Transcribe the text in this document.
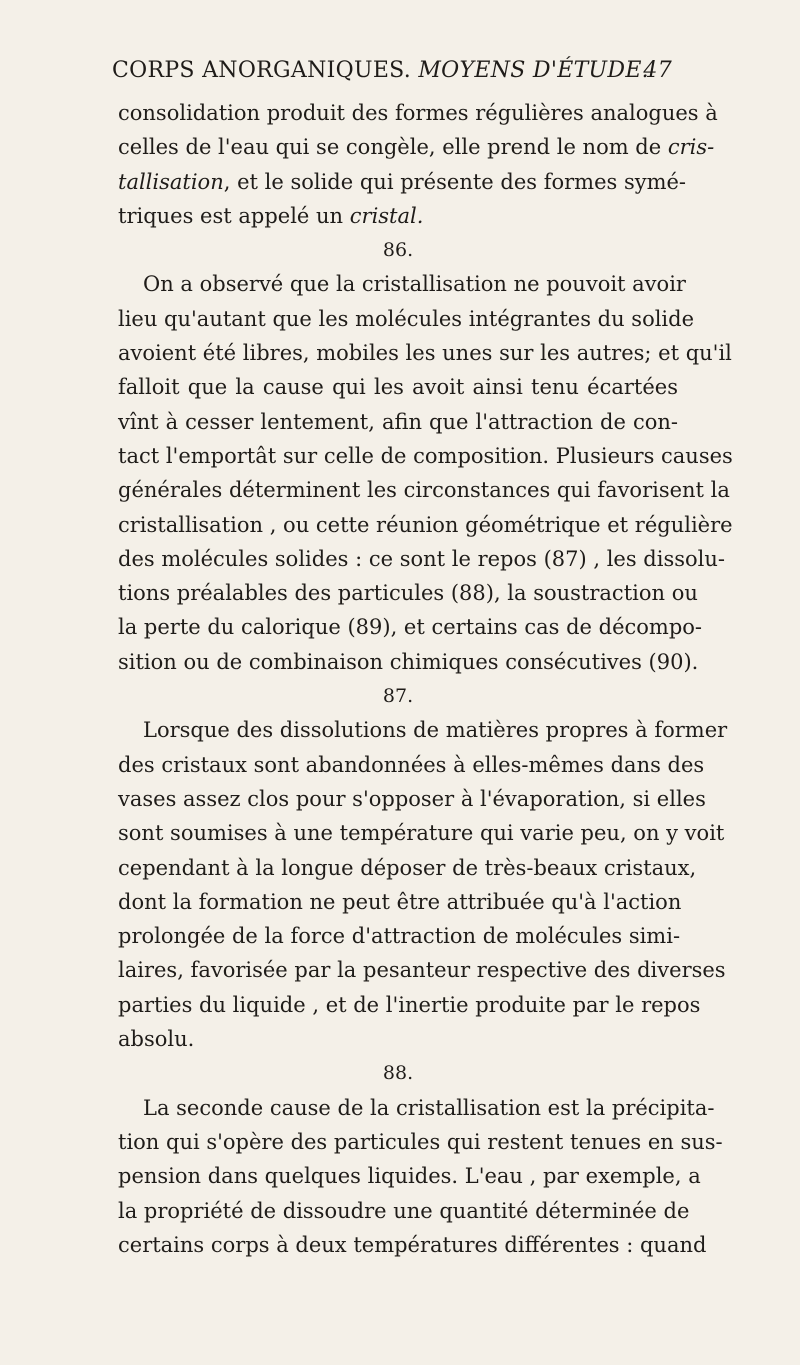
CORPS ANORGANIQUES. MOYENS D'ÉTUDE.
47
consolidation produit des formes régulières analogues à
celles de l'eau qui se congèle, elle prend le nom de cris-
tallisation, et le solide qui présente des formes symé-
triques est appelé un cristal.
86.
On a observé que la cristallisation ne pouvoit avoir
lieu qu'autant que les molécules intégrantes du solide
avoient été libres, mobiles les unes sur les autres; et qu'il
falloit que la cause qui les avoit ainsi tenu écartées
vînt à cesser lentement, afin que l'attraction de con-
tact l'emportât sur celle de composition. Plusieurs causes
générales déterminent les circonstances qui favorisent la
cristallisation , ou cette réunion géométrique et régulière
des molécules solides : ce sont le repos (87) , les dissolu-
tions préalables des particules (88), la soustraction ou
la perte du calorique (89), et certains cas de décompo-
sition ou de combinaison chimiques consécutives (90).
87.
Lorsque des dissolutions de matières propres à former
des cristaux sont abandonnées à elles-mêmes dans des
vases assez clos pour s'opposer à l'évaporation, si elles
sont soumises à une température qui varie peu, on y voit
cependant à la longue déposer de très-beaux cristaux,
dont la formation ne peut être attribuée qu'à l'action
prolongée de la force d'attraction de molécules simi-
laires, favorisée par la pesanteur respective des diverses
parties du liquide , et de l'inertie produite par le repos
absolu.
88.
La seconde cause de la cristallisation est la précipita-
tion qui s'opère des particules qui restent tenues en sus-
pension dans quelques liquides. L'eau , par exemple, a
la propriété de dissoudre une quantité déterminée de
certains corps à deux températures différentes : quand
